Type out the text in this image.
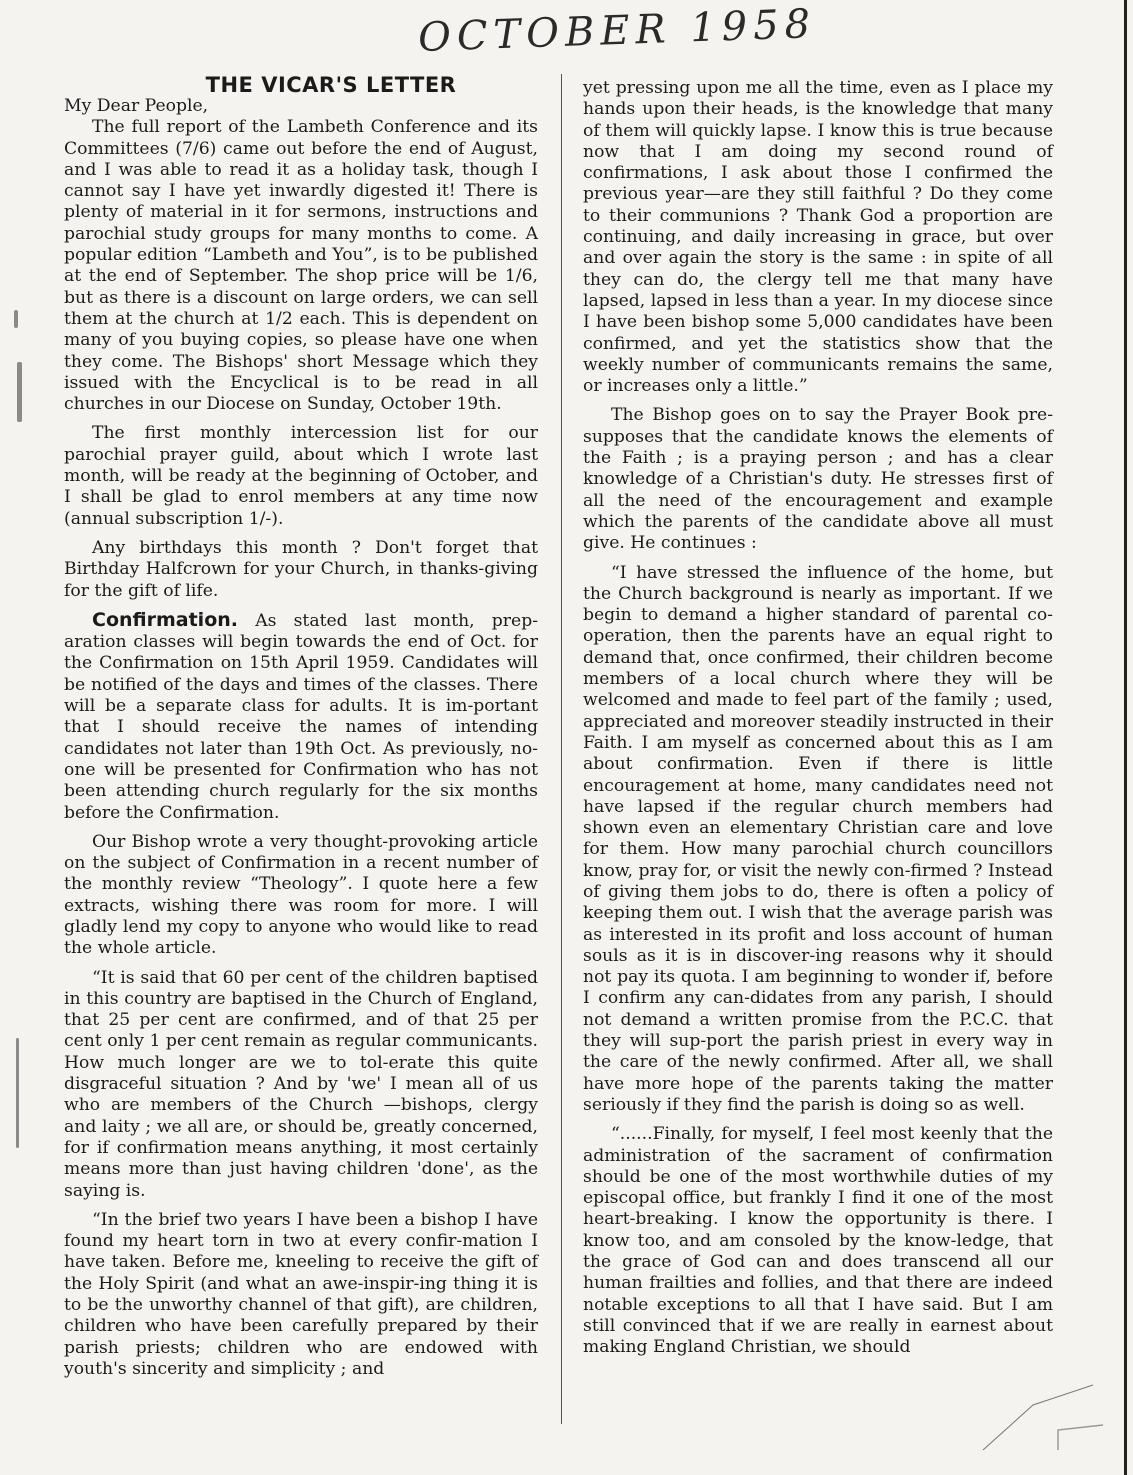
OCTOBER 1958
THE VICAR'S LETTER
My Dear People,

The full report of the Lambeth Conference and its Committees (7/6) came out before the end of August, and I was able to read it as a holiday task, though I cannot say I have yet inwardly digested it! There is plenty of material in it for sermons, instructions and parochial study groups for many months to come. A popular edition “Lambeth and You”, is to be published at the end of September. The shop price will be 1/6, but as there is a discount on large orders, we can sell them at the church at 1/2 each. This is dependent on many of you buying copies, so please have one when they come. The Bishops' short Message which they issued with the Encyclical is to be read in all churches in our Diocese on Sunday, October 19th.

The first monthly intercession list for our parochial prayer guild, about which I wrote last month, will be ready at the beginning of October, and I shall be glad to enrol members at any time now (annual subscription 1/-).

Any birthdays this month ? Don't forget that Birthday Halfcrown for your Church, in thanks-giving for the gift of life.

Confirmation. As stated last month, prep-aration classes will begin towards the end of Oct. for the Confirmation on 15th April 1959. Candidates will be notified of the days and times of the classes. There will be a separate class for adults. It is im-portant that I should receive the names of intending candidates not later than 19th Oct. As previously, no-one will be presented for Confirmation who has not been attending church regularly for the six months before the Confirmation.

Our Bishop wrote a very thought-provoking article on the subject of Confirmation in a recent number of the monthly review “Theology”. I quote here a few extracts, wishing there was room for more. I will gladly lend my copy to anyone who would like to read the whole article.

“It is said that 60 per cent of the children baptised in this country are baptised in the Church of England, that 25 per cent are confirmed, and of that 25 per cent only 1 per cent remain as regular communicants. How much longer are we to tol-erate this quite disgraceful situation ? And by 'we' I mean all of us who are members of the Church —bishops, clergy and laity ; we all are, or should be, greatly concerned, for if confirmation means anything, it most certainly means more than just having children 'done', as the saying is.

“In the brief two years I have been a bishop I have found my heart torn in two at every confir-mation I have taken. Before me, kneeling to receive the gift of the Holy Spirit (and what an awe-inspir-ing thing it is to be the unworthy channel of that gift), are children, children who have been carefully prepared by their parish priests; children who are endowed with youth's sincerity and simplicity ; and

yet pressing upon me all the time, even as I place my hands upon their heads, is the knowledge that many of them will quickly lapse. I know this is true because now that I am doing my second round of confirmations, I ask about those I confirmed the previous year—are they still faithful ? Do they come to their communions ? Thank God a proportion are continuing, and daily increasing in grace, but over and over again the story is the same : in spite of all they can do, the clergy tell me that many have lapsed, lapsed in less than a year. In my diocese since I have been bishop some 5,000 candidates have been confirmed, and yet the statistics show that the weekly number of communicants remains the same, or increases only a little.”

The Bishop goes on to say the Prayer Book pre-supposes that the candidate knows the elements of the Faith ; is a praying person ; and has a clear knowledge of a Christian's duty. He stresses first of all the need of the encouragement and example which the parents of the candidate above all must give. He continues :

“I have stressed the influence of the home, but the Church background is nearly as important. If we begin to demand a higher standard of parental co-operation, then the parents have an equal right to demand that, once confirmed, their children become members of a local church where they will be welcomed and made to feel part of the family ; used, appreciated and moreover steadily instructed in their Faith. I am myself as concerned about this as I am about confirmation. Even if there is little encouragement at home, many candidates need not have lapsed if the regular church members had shown even an elementary Christian care and love for them. How many parochial church councillors know, pray for, or visit the newly con-firmed ? Instead of giving them jobs to do, there is often a policy of keeping them out. I wish that the average parish was as interested in its profit and loss account of human souls as it is in discover-ing reasons why it should not pay its quota. I am beginning to wonder if, before I confirm any can-didates from any parish, I should not demand a written promise from the P.C.C. that they will sup-port the parish priest in every way in the care of the newly confirmed. After all, we shall have more hope of the parents taking the matter seriously if they find the parish is doing so as well.

“......Finally, for myself, I feel most keenly that the administration of the sacrament of confirmation should be one of the most worthwhile duties of my episcopal office, but frankly I find it one of the most heart-breaking. I know the opportunity is there. I know too, and am consoled by the know-ledge, that the grace of God can and does transcend all our human frailties and follies, and that there are indeed notable exceptions to all that I have said. But I am still convinced that if we are really in earnest about making England Christian, we should
